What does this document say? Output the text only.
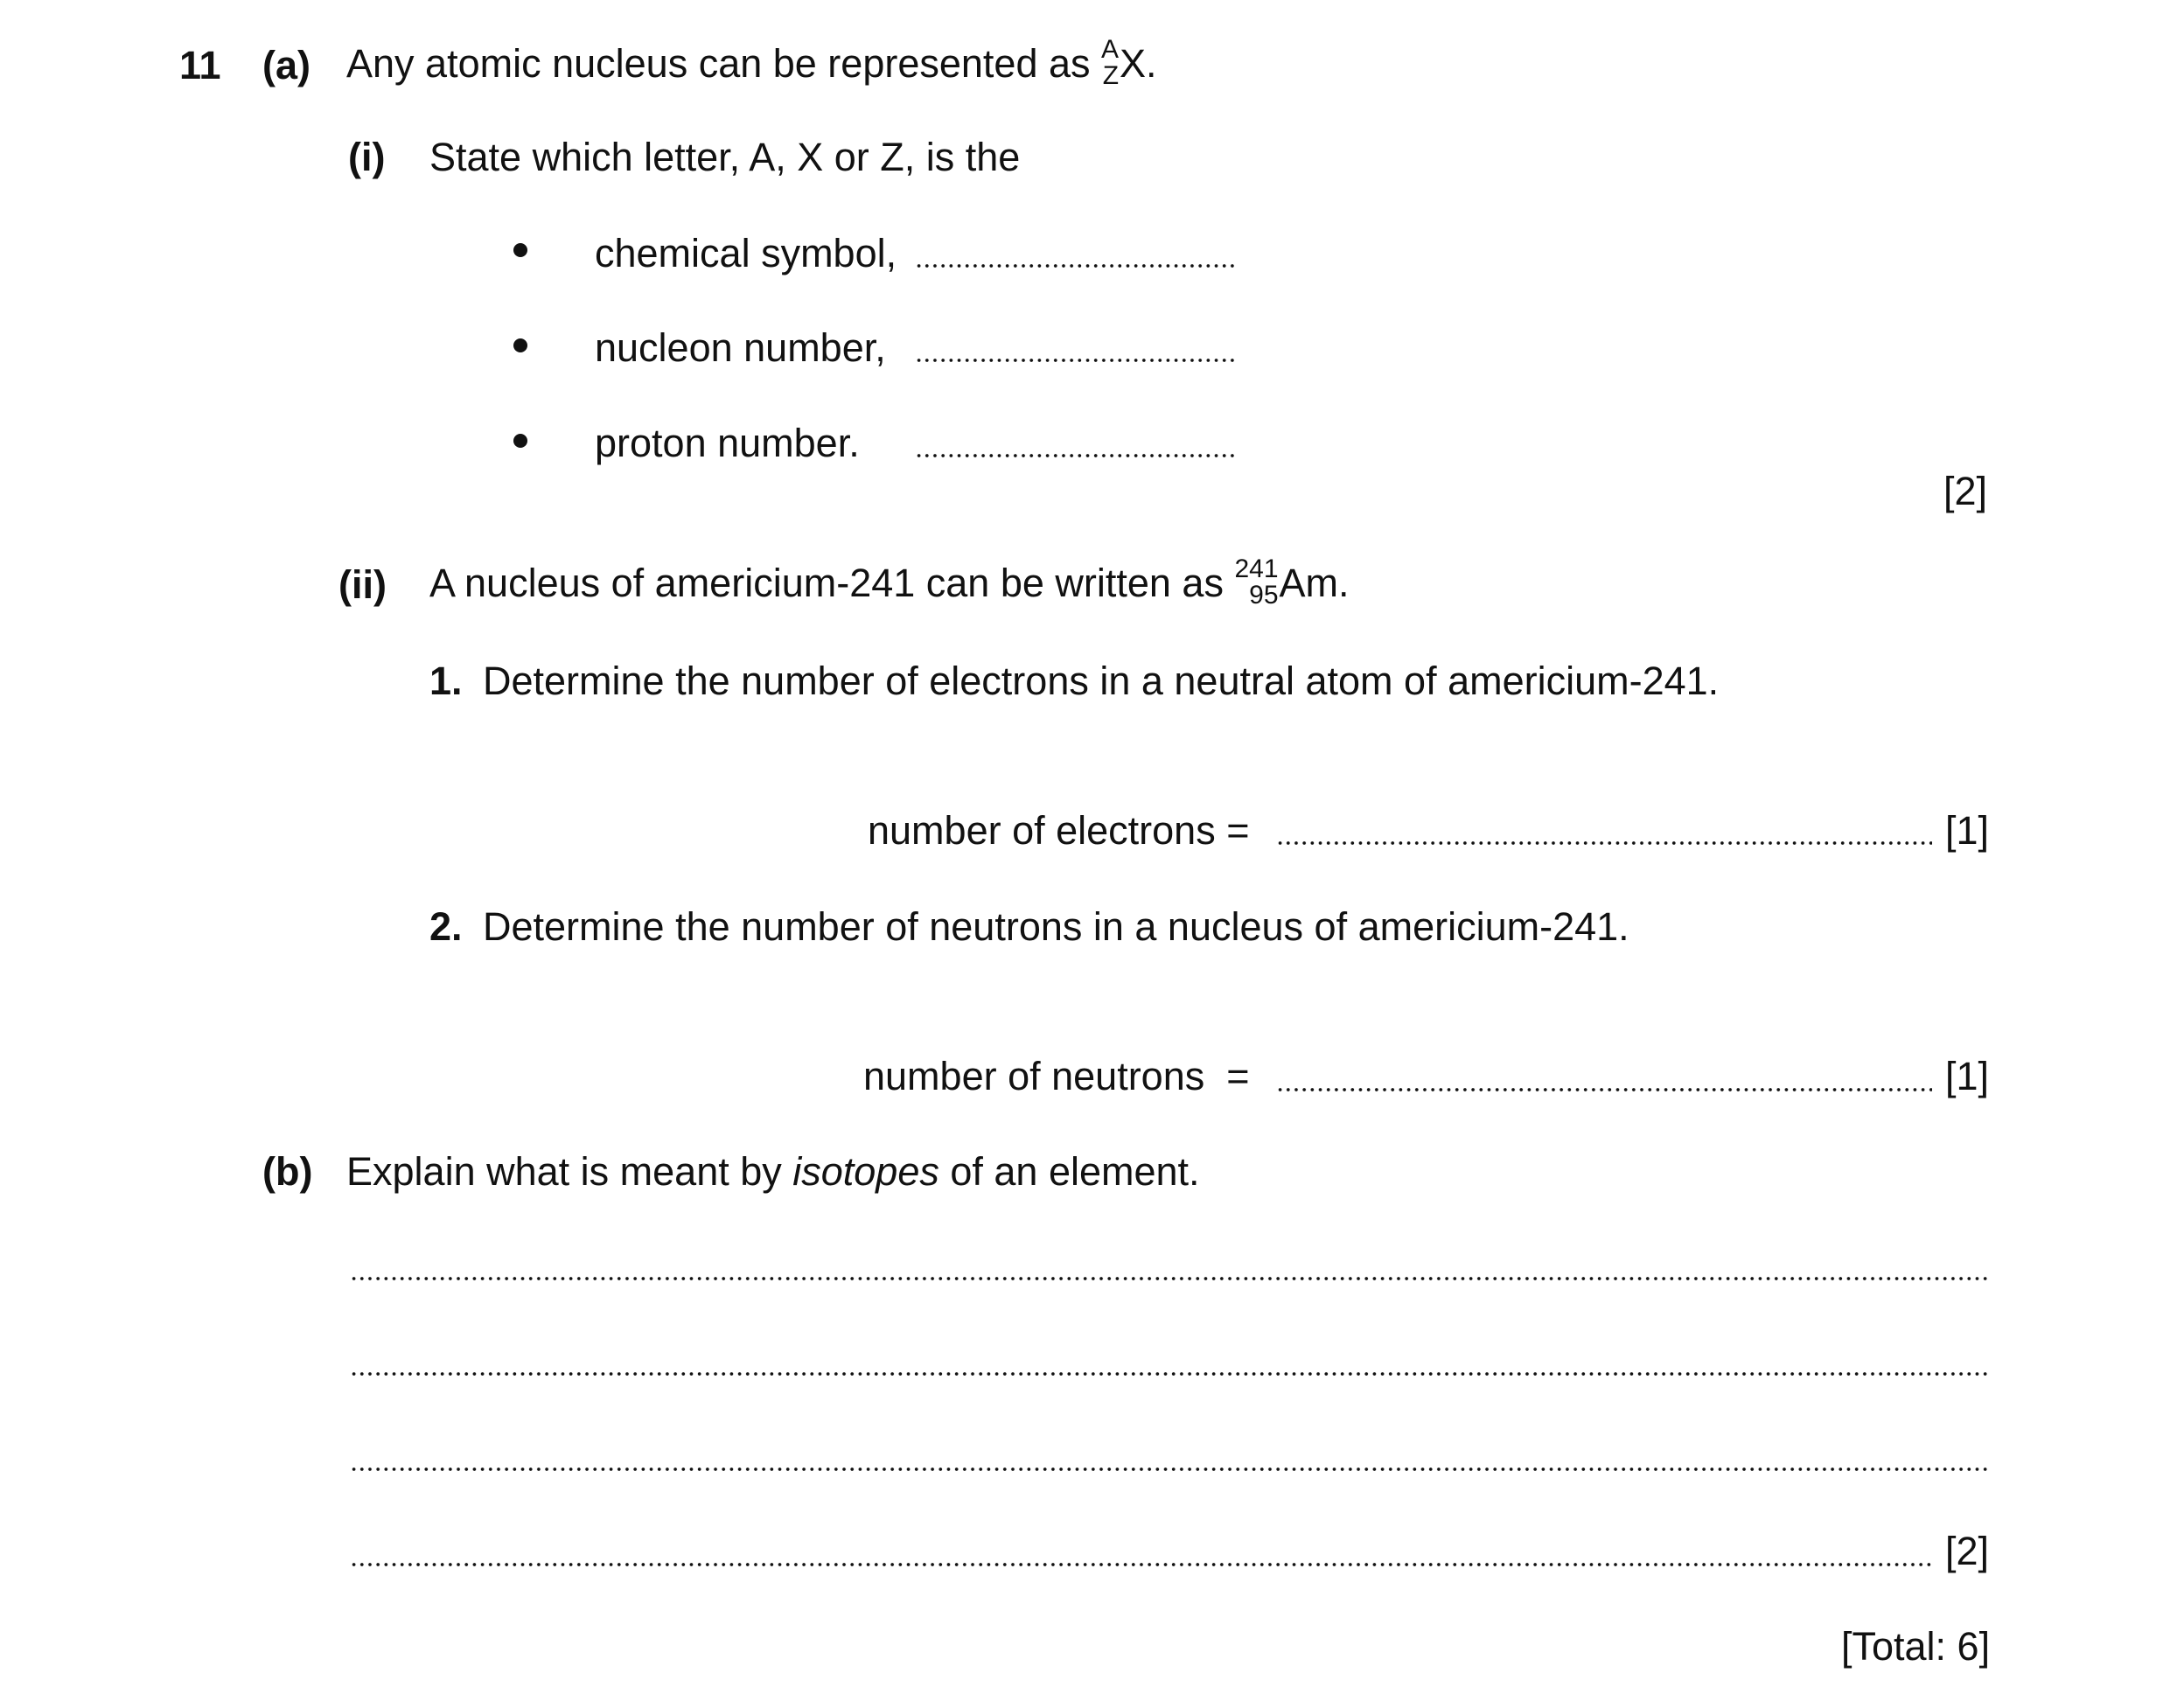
11 (a) Any atomic nucleus can be represented as A
Z X.
(i) State which letter, A, X or Z, is the
chemical symbol,
nucleon number,
proton number.
[2]
(ii) A nucleus of americium-241 can be written as 241
95 Am.
1. Determine the number of electrons in a neutral atom of americium-241.
number of electrons =	[1]
2. Determine the number of neutrons in a nucleus of americium-241.
number of neutrons  =	[1]
(b) Explain what is meant by isotopes of an element.
[2]
[Total: 6]
